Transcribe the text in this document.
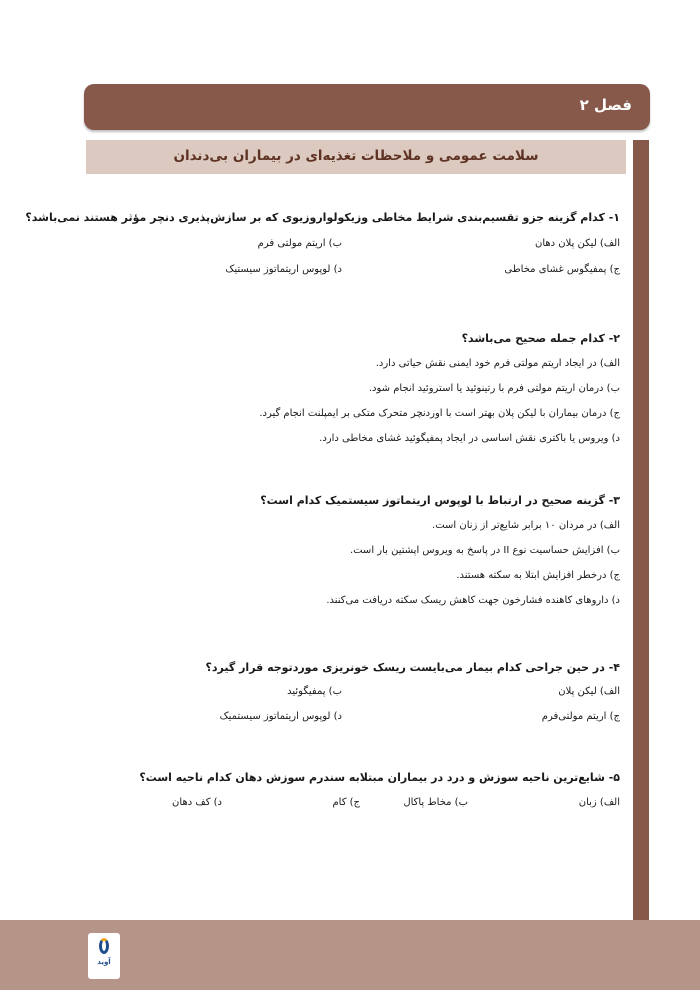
فصل ۲
سلامت عمومی و ملاحظات تغذیه‌ای در بیماران بی‌دندان
۱- کدام گزینه جزو تقسیم‌بندی شرایط مخاطی وزیکولواروزیوی که بر سازش‌پذیری دنچر مؤثر هستند نمی‌باشد؟
الف) لیکن پلان دهان
ب) اریتم مولتی فرم
ج) پمفیگوس غشای مخاطی
د) لوپوس اریتماتوز سیستیک
۲- کدام جمله صحیح می‌باشد؟
الف) در ایجاد اریتم مولتی فرم خود ایمنی نقش حیاتی دارد.
ب) درمان اریتم مولتی فرم با رتینوئید یا استروئید انجام شود.
ج) درمان بیماران با لیکن پلان بهتر است با اوردنچر متحرک متکی بر ایمپلنت انجام گیرد.
د) ویروس یا باکتری نقش اساسی در ایجاد پمفیگوئید غشای مخاطی دارد.
۳- گزینه صحیح در ارتباط با لوپوس اریتماتوز سیستمیک کدام است؟
الف) در مردان ۱۰ برابر شایع‌تر از زنان است.
ب) افزایش حساسیت نوع II در پاسخ به ویروس اپشتین بار است.
ج) درخطر افزایش ابتلا به سکته هستند.
د) داروهای کاهنده فشارخون جهت کاهش ریسک سکته دریافت می‌کنند.
۴- در حین جراحی کدام بیمار می‌بایست ریسک خونریزی موردتوجه قرار گیرد؟
الف) لیکن پلان
ب) پمفیگوئید
ج) اریتم مولتی‌فرم
د) لوپوس اریتماتوز سیستمیک
۵- شایع‌ترین ناحیه سوزش و درد در بیماران مبتلابه سندرم سوزش دهان کدام ناحیه است؟
الف) زبان
ب) مخاط پاکال
ج) کام
د) کف دهان
آوید
